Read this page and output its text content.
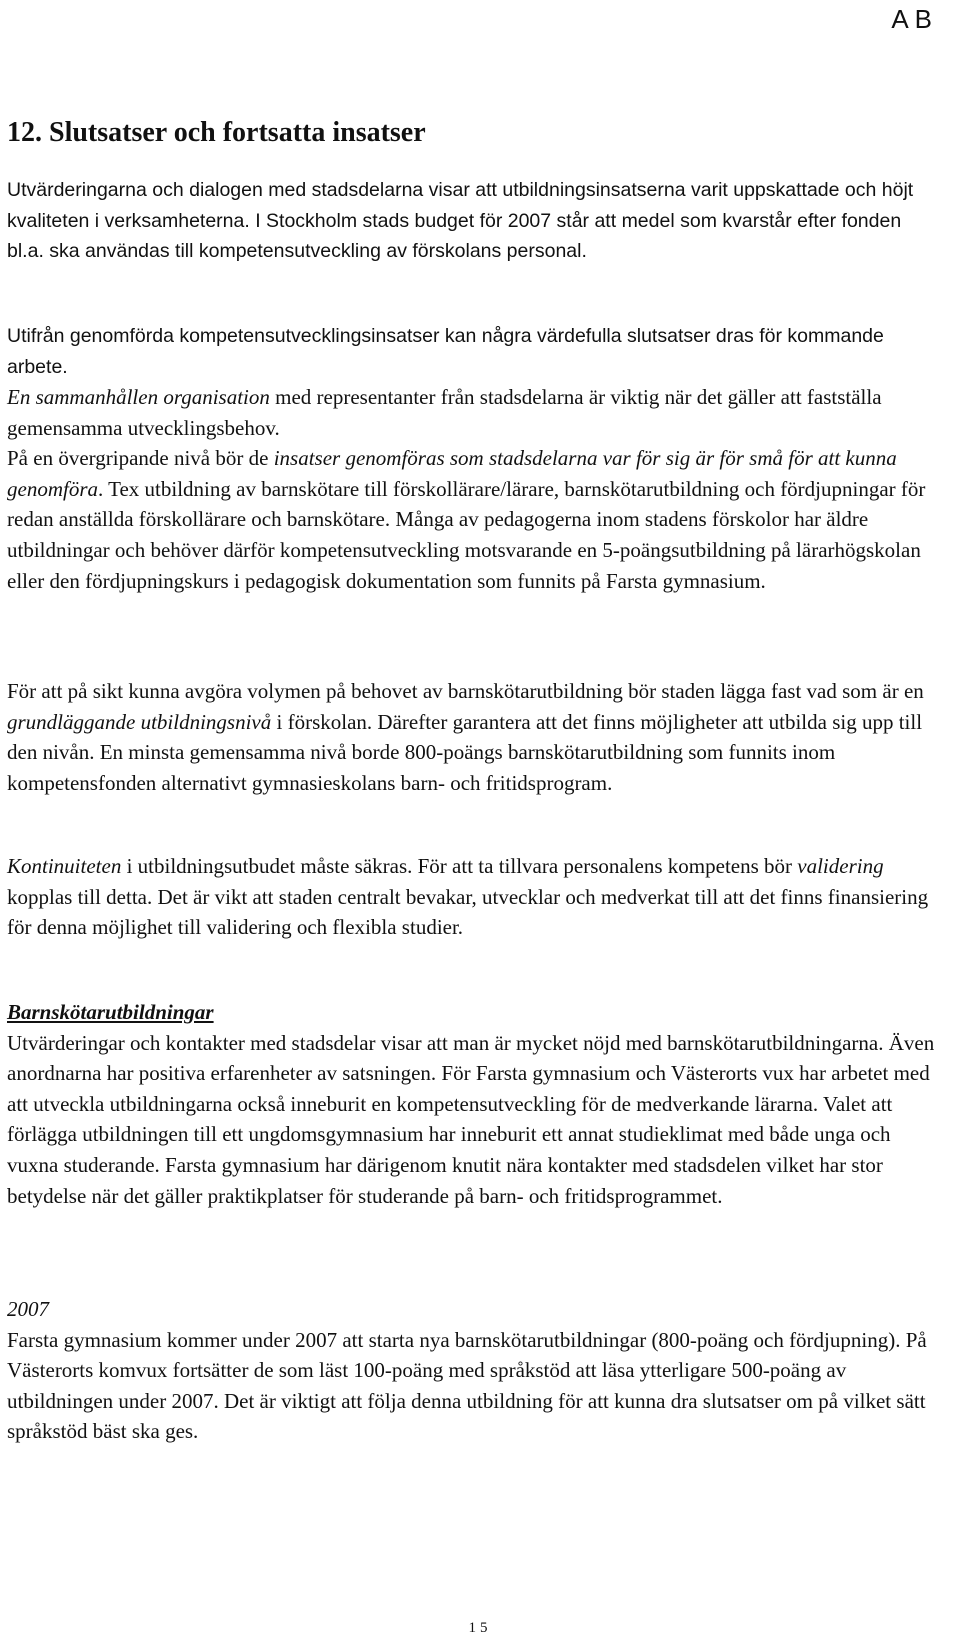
A B
12. Slutsatser och fortsatta insatser

Utvärderingarna och dialogen med stadsdelarna visar att utbildningsinsatserna varit uppskattade och höjt kvaliteten i verksamheterna. I Stockholm stads budget för 2007 står att medel som kvarstår efter fonden bl.a. ska användas till kompetensutveckling av förskolans personal.

Utifrån genomförda kompetensutvecklingsinsatser kan några värdefulla slutsatser dras för kommande arbete.

En sammanhållen organisation med representanter från stadsdelarna är viktig när det gäller att fastställa gemensamma utvecklingsbehov.

På en övergripande nivå bör de insatser genomföras som stadsdelarna var för sig är för små för att kunna genomföra. Tex utbildning av barnskötare till förskollärare/lärare, barnskötarutbildning och fördjupningar för redan anställda förskollärare och barnskötare. Många av pedagogerna inom stadens förskolor har äldre utbildningar och behöver därför kompetensutveckling motsvarande en 5-poängsutbildning på lärarhögskolan eller den fördjupningskurs i pedagogisk dokumentation som funnits på Farsta gymnasium.

För att på sikt kunna avgöra volymen på behovet av barnskötarutbildning bör staden lägga fast vad som är en grundläggande utbildningsnivå i förskolan. Därefter garantera att det finns möjligheter att utbilda sig upp till den nivån. En minsta gemensamma nivå borde 800-poängs barnskötarutbildning som funnits inom kompetensfonden alternativt gymnasieskolans barn- och fritidsprogram.

Kontinuiteten i utbildningsutbudet måste säkras. För att ta tillvara personalens kompetens bör validering kopplas till detta. Det är vikt att staden centralt bevakar, utvecklar och medverkat till att det finns finansiering för denna möjlighet till validering och flexibla studier.

Barnskötarutbildningar

Utvärderingar och kontakter med stadsdelar visar att man är mycket nöjd med barnskötarutbildningarna. Även anordnarna har positiva erfarenheter av satsningen. För Farsta gymnasium och Västerorts vux har arbetet med att utveckla utbildningarna också inneburit en kompetensutveckling för de medverkande lärarna. Valet att förlägga utbildningen till ett ungdomsgymnasium har inneburit ett annat studieklimat med både unga och vuxna studerande. Farsta gymnasium har därigenom knutit nära kontakter med stadsdelen vilket har stor betydelse när det gäller praktikplatser för studerande på barn- och fritidsprogrammet.

2007

Farsta gymnasium kommer under 2007 att starta nya barnskötarutbildningar (800-poäng och fördjupning). På Västerorts komvux fortsätter de som läst 100-poäng med språkstöd att läsa ytterligare 500-poäng av utbildningen under 2007. Det är viktigt att följa denna utbildning för att kunna dra slutsatser om på vilket sätt språkstöd bäst ska ges.

15
